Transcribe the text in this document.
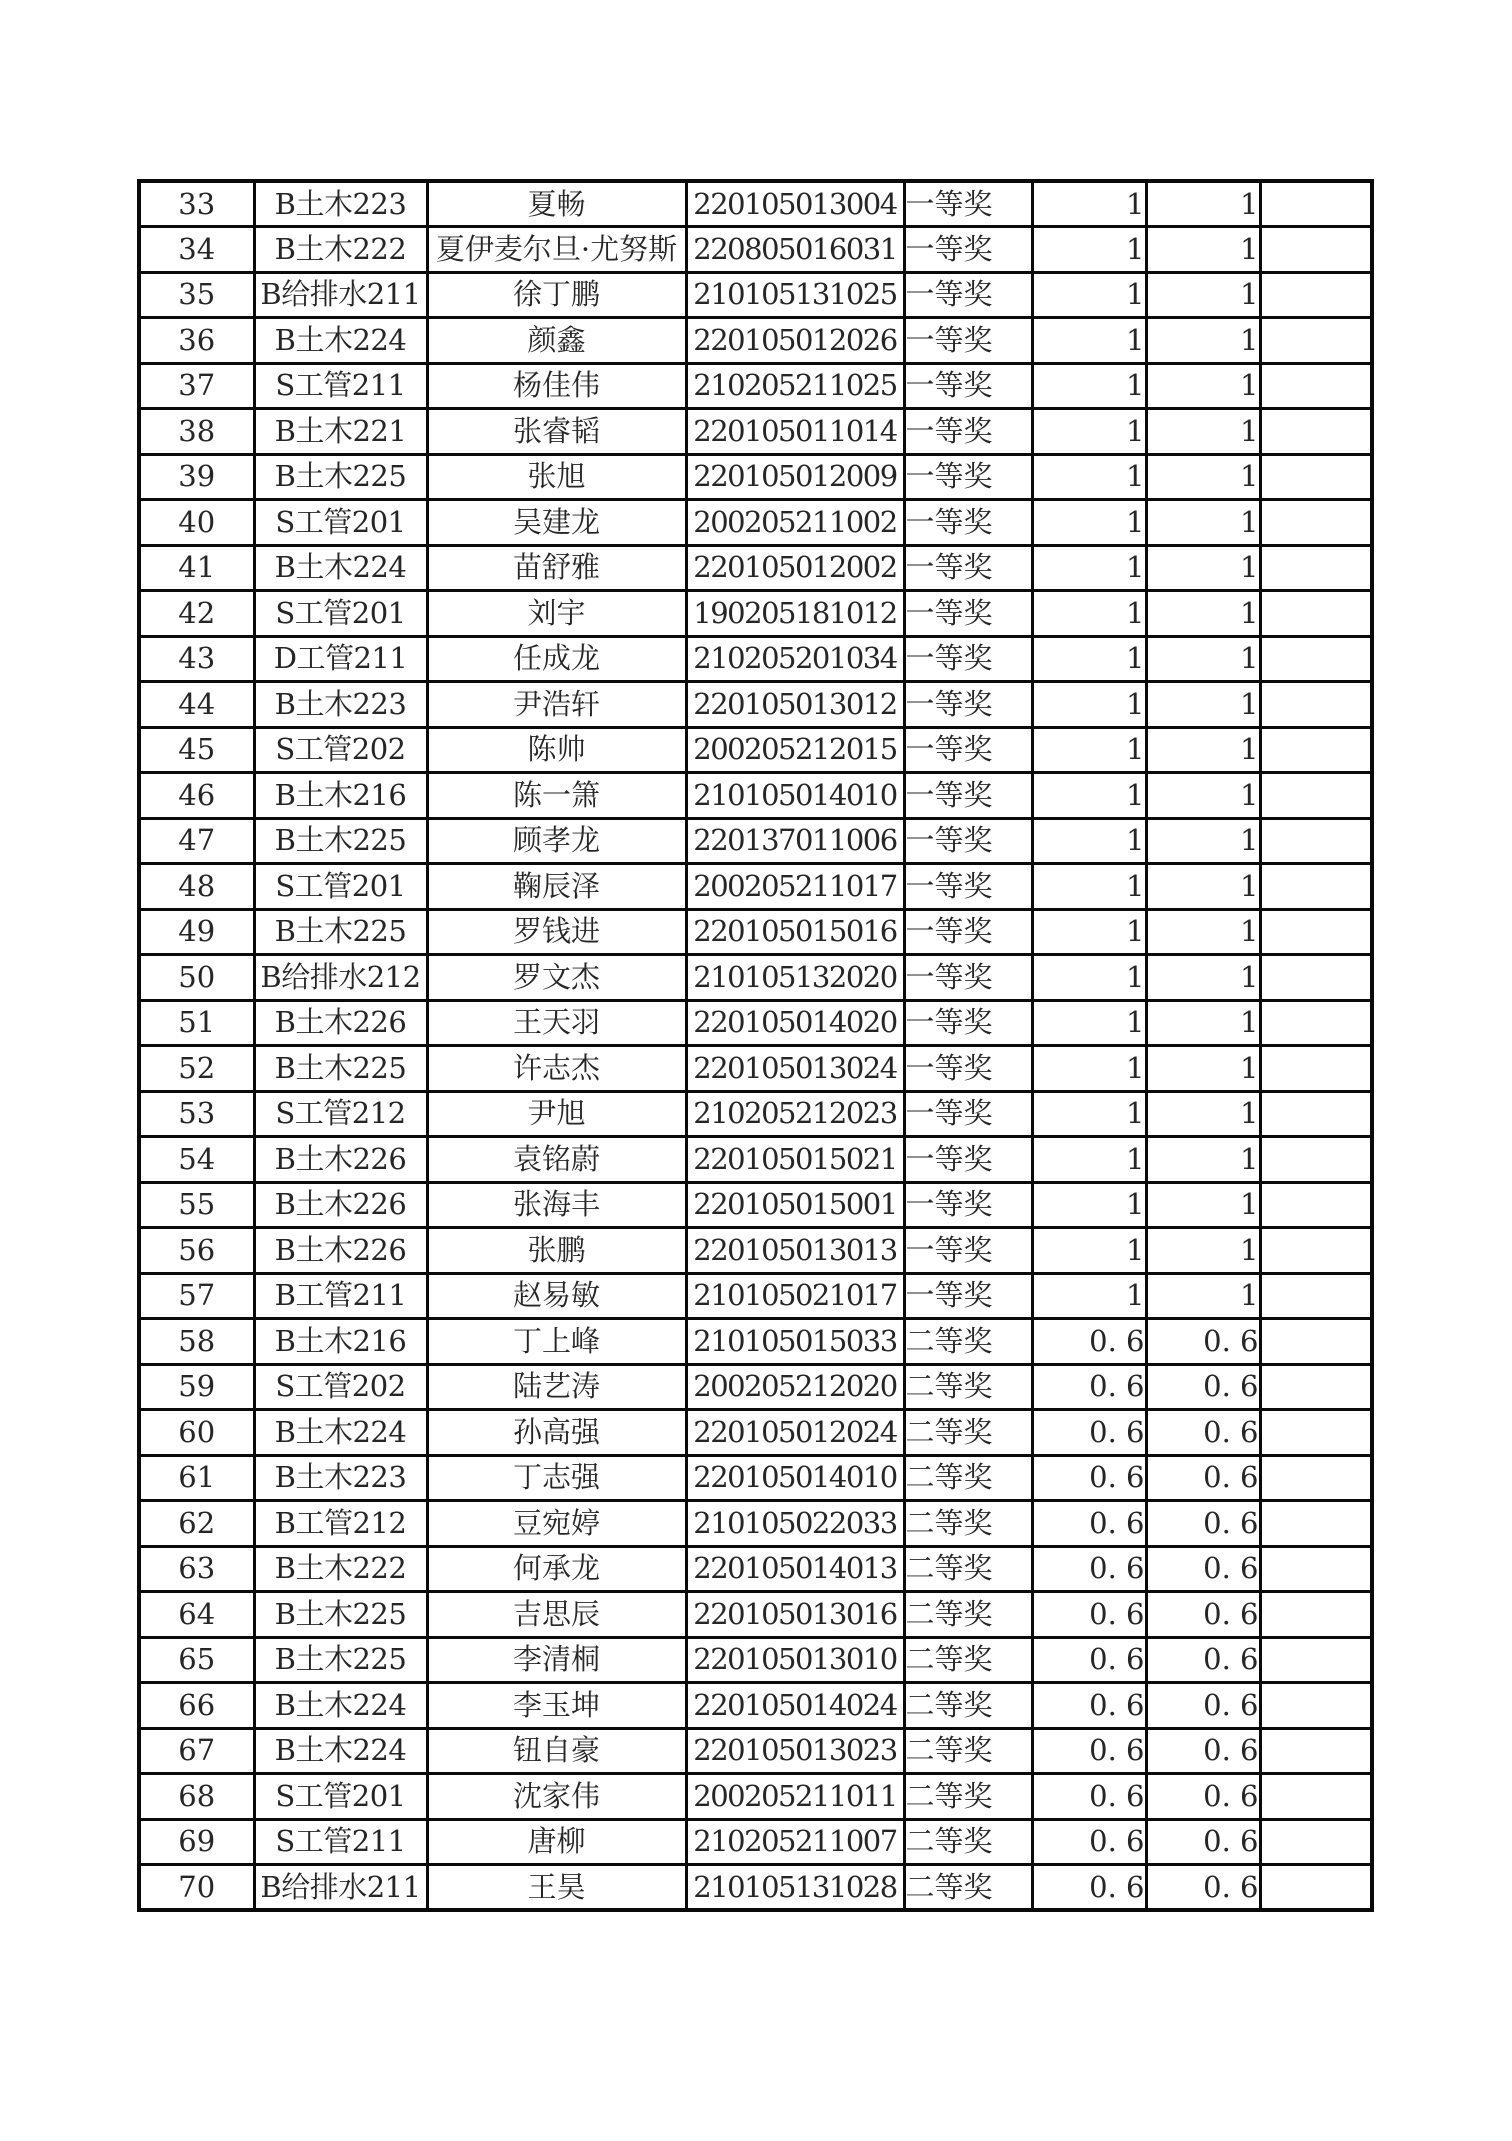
33	B土木223	夏畅	220105013004	一等奖	1	1	
34	B土木222	夏伊麦尔旦·尤努斯	220805016031	一等奖	1	1	
35	B给排水211	徐丁鹏	210105131025	一等奖	1	1	
36	B土木224	颜鑫	220105012026	一等奖	1	1	
37	S工管211	杨佳伟	210205211025	一等奖	1	1	
38	B土木221	张睿韬	220105011014	一等奖	1	1	
39	B土木225	张旭	220105012009	一等奖	1	1	
40	S工管201	吴建龙	200205211002	一等奖	1	1	
41	B土木224	苗舒雅	220105012002	一等奖	1	1	
42	S工管201	刘宇	190205181012	一等奖	1	1	
43	D工管211	任成龙	210205201034	一等奖	1	1	
44	B土木223	尹浩轩	220105013012	一等奖	1	1	
45	S工管202	陈帅	200205212015	一等奖	1	1	
46	B土木216	陈一箫	210105014010	一等奖	1	1	
47	B土木225	顾孝龙	220137011006	一等奖	1	1	
48	S工管201	鞠辰泽	200205211017	一等奖	1	1	
49	B土木225	罗钱进	220105015016	一等奖	1	1	
50	B给排水212	罗文杰	210105132020	一等奖	1	1	
51	B土木226	王天羽	220105014020	一等奖	1	1	
52	B土木225	许志杰	220105013024	一等奖	1	1	
53	S工管212	尹旭	210205212023	一等奖	1	1	
54	B土木226	袁铭蔚	220105015021	一等奖	1	1	
55	B土木226	张海丰	220105015001	一等奖	1	1	
56	B土木226	张鹏	220105013013	一等奖	1	1	
57	B工管211	赵易敏	210105021017	一等奖	1	1	
58	B土木216	丁上峰	210105015033	二等奖	0. 6	0. 6	
59	S工管202	陆艺涛	200205212020	二等奖	0. 6	0. 6	
60	B土木224	孙高强	220105012024	二等奖	0. 6	0. 6	
61	B土木223	丁志强	220105014010	二等奖	0. 6	0. 6	
62	B工管212	豆宛婷	210105022033	二等奖	0. 6	0. 6	
63	B土木222	何承龙	220105014013	二等奖	0. 6	0. 6	
64	B土木225	吉思辰	220105013016	二等奖	0. 6	0. 6	
65	B土木225	李清桐	220105013010	二等奖	0. 6	0. 6	
66	B土木224	李玉坤	220105014024	二等奖	0. 6	0. 6	
67	B土木224	钮自豪	220105013023	二等奖	0. 6	0. 6	
68	S工管201	沈家伟	200205211011	二等奖	0. 6	0. 6	
69	S工管211	唐柳	210205211007	二等奖	0. 6	0. 6	
70	B给排水211	王昊	210105131028	二等奖	0. 6	0. 6	
